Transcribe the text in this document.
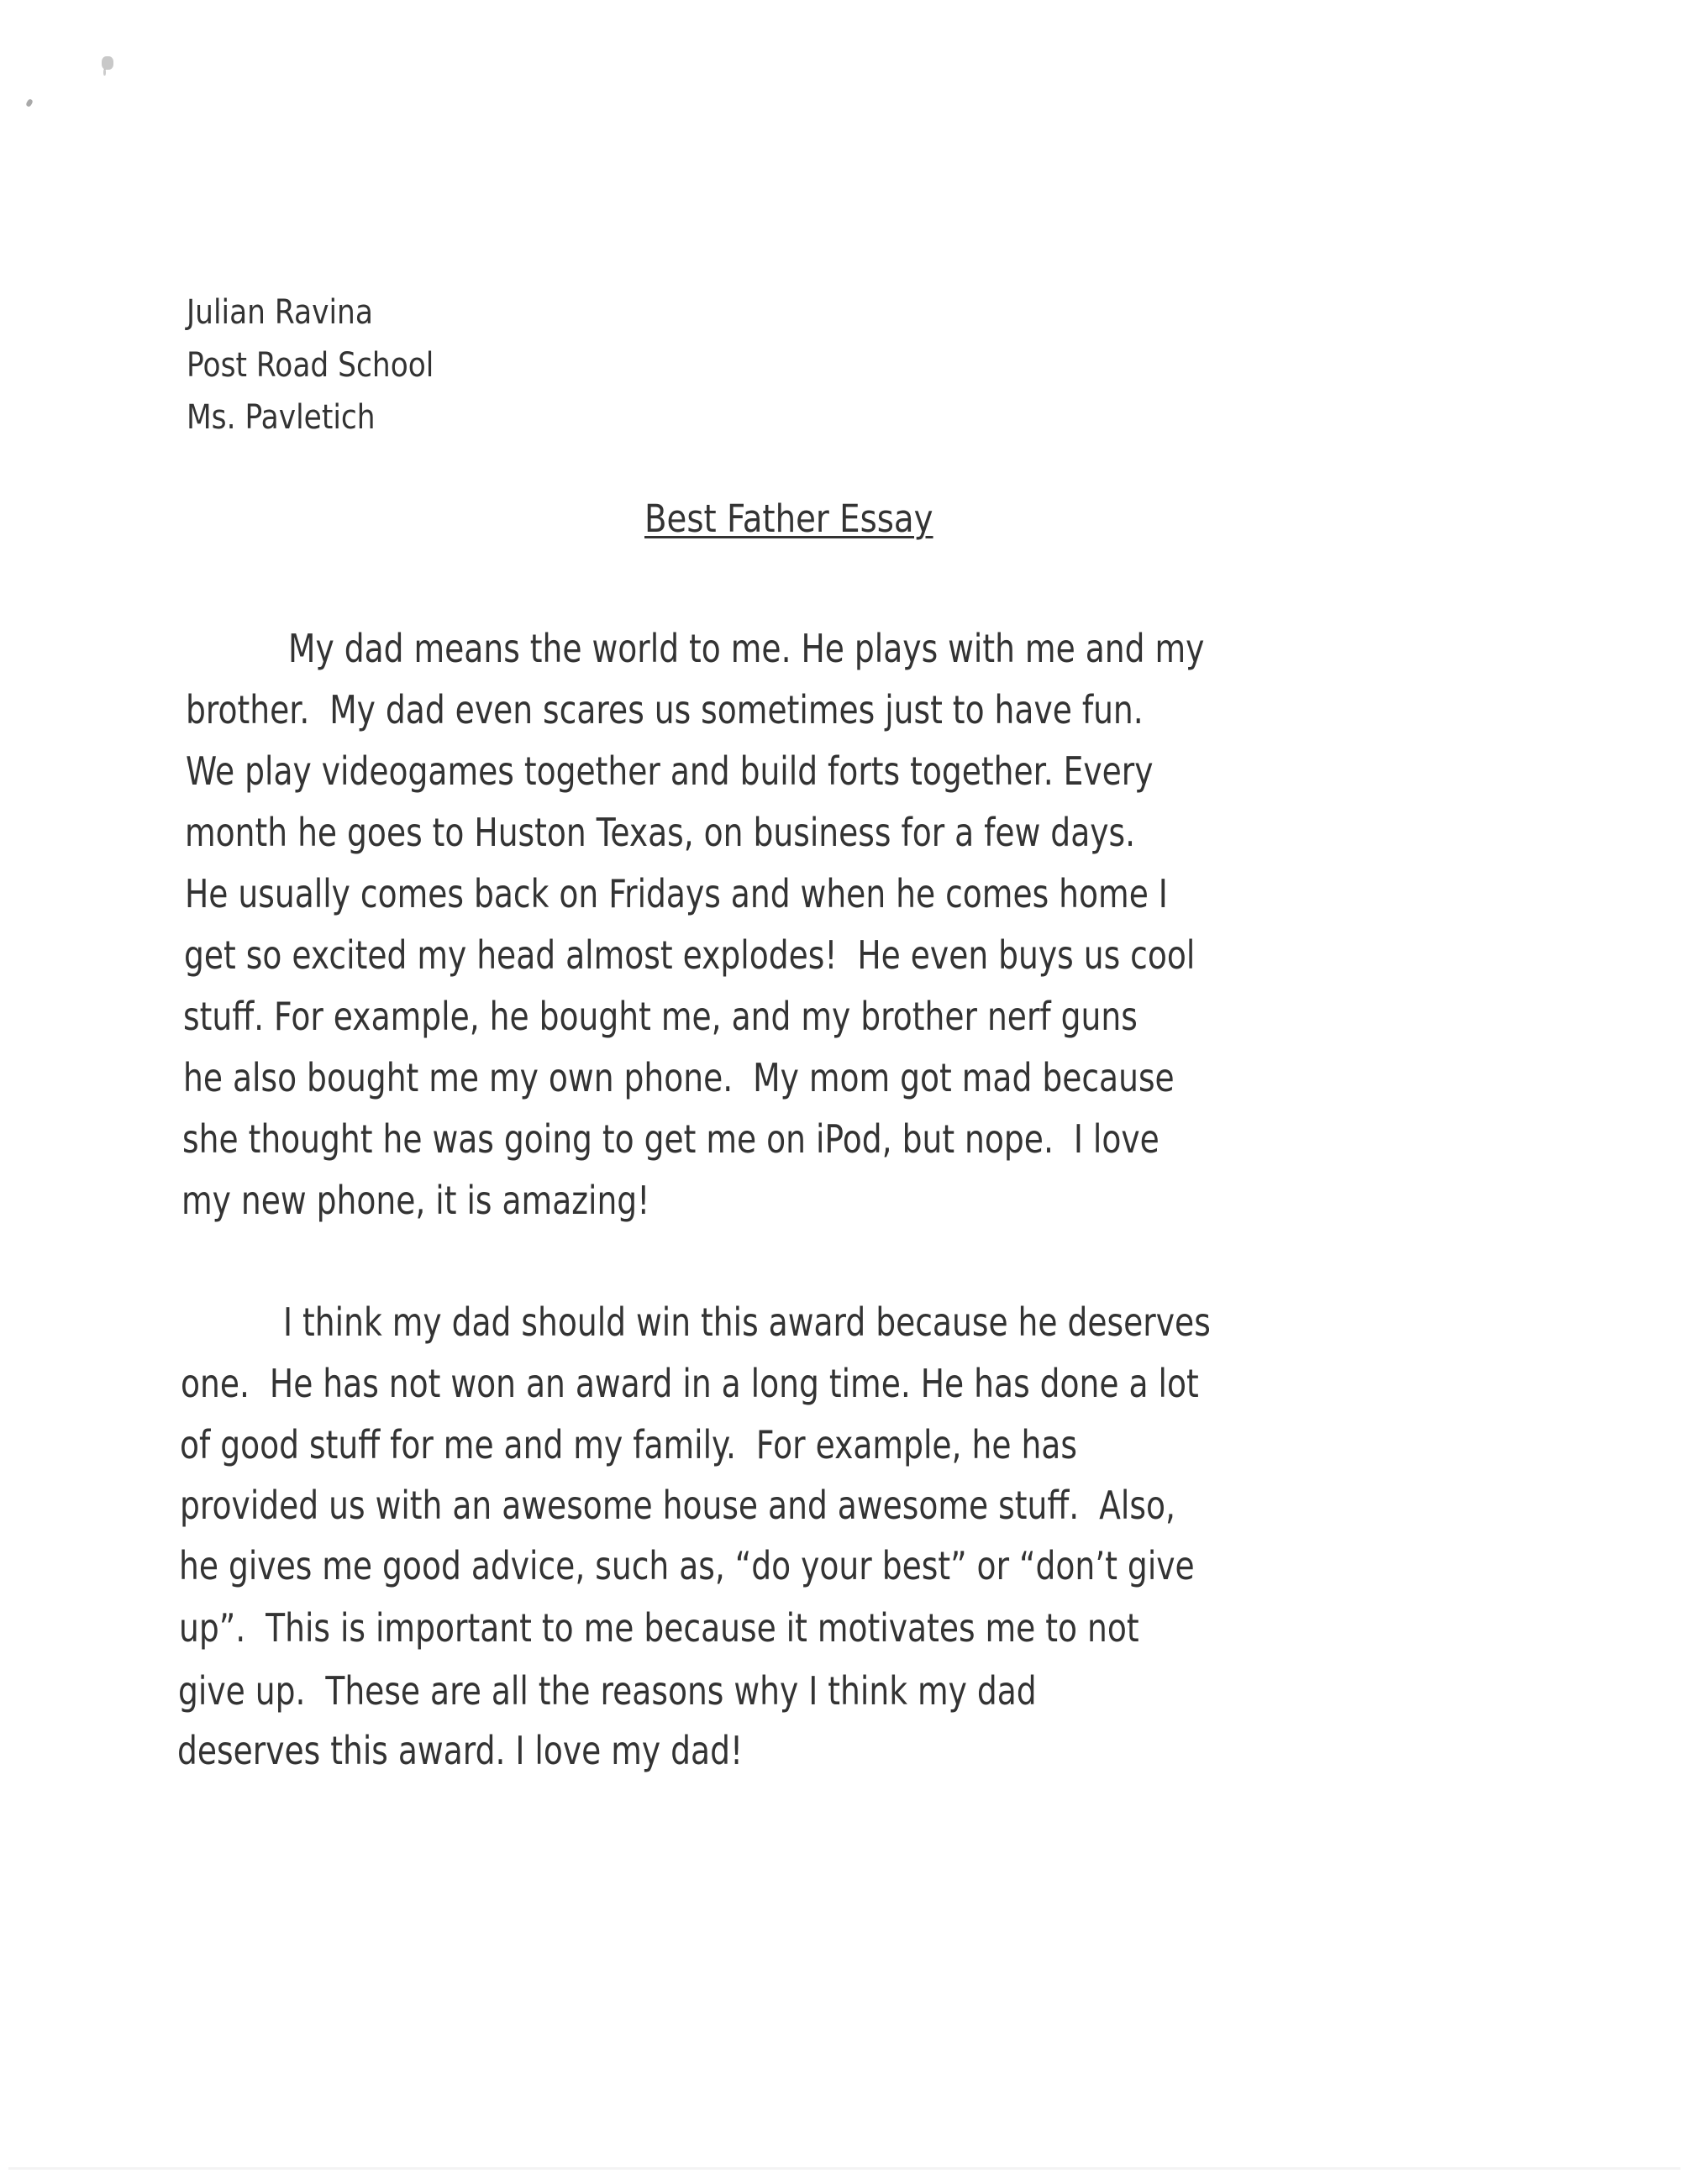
Julian Ravina
Post Road School
Ms. Pavletich
Best Father Essay
My dad means the world to me. He plays with me and my
brother.  My dad even scares us sometimes just to have fun.
We play videogames together and build forts together. Every
month he goes to Huston Texas, on business for a few days.
He usually comes back on Fridays and when he comes home I
get so excited my head almost explodes!  He even buys us cool
stuff. For example, he bought me, and my brother nerf guns
he also bought me my own phone.  My mom got mad because
she thought he was going to get me on iPod, but nope.  I love
my new phone, it is amazing!
I think my dad should win this award because he deserves
one.  He has not won an award in a long time. He has done a lot
of good stuff for me and my family.  For example, he has
provided us with an awesome house and awesome stuff.  Also,
he gives me good advice, such as, “do your best” or “don’t give
up”.  This is important to me because it motivates me to not
give up.  These are all the reasons why I think my dad
deserves this award. I love my dad!
